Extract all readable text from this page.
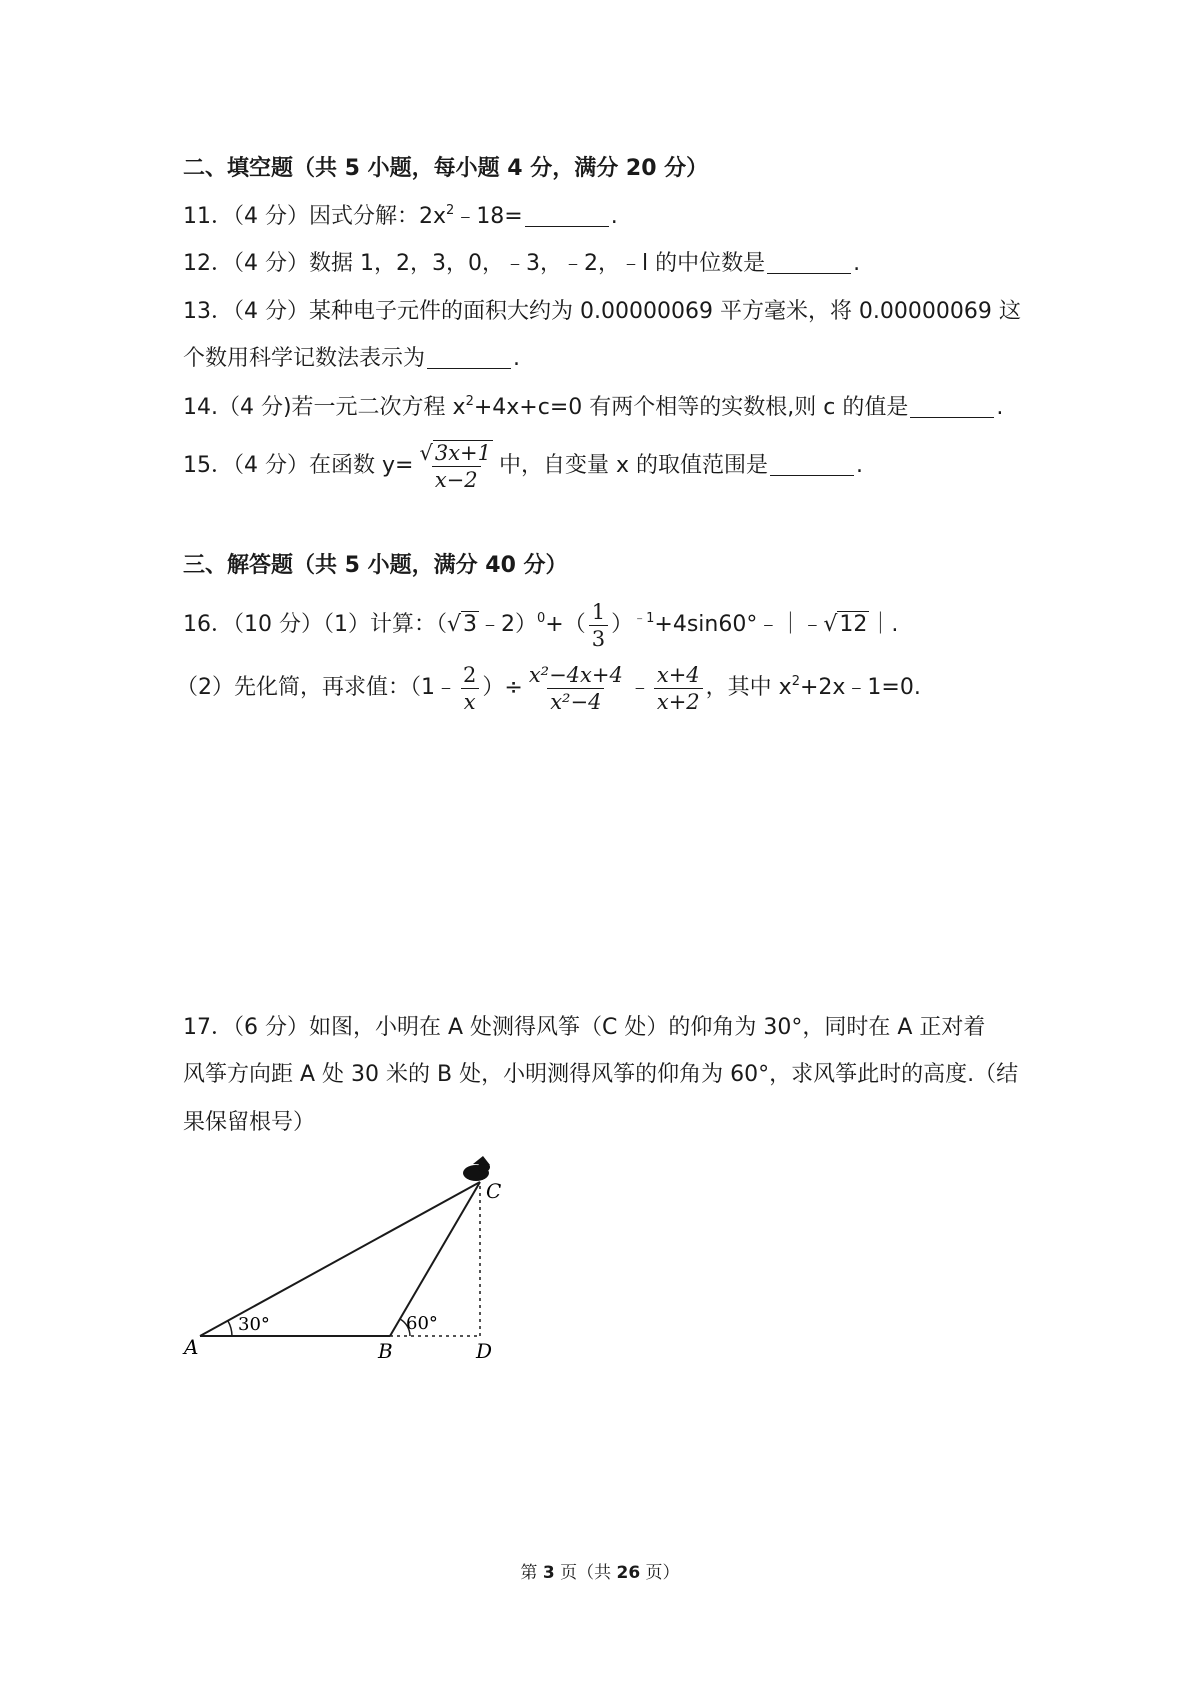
二、填空题（共 5 小题，每小题 4 分，满分 20 分）
11．（4 分）因式分解：$2x^2﹣18=$	.
12．（4 分）数据 1，2，3，0，﹣3，﹣2，﹣l 的中位数是	.
13．（4 分）某种电子元件的面积大约为 0.00000069 平方毫米，将 0.00000069 这
个数用科学记数法表示为	.
14.（4 分)若一元二次方程 $x^2+4x+c=0$ 有两个相等的实数根,则 c 的值是	.
15．（4 分）在函数 $y= \frac{√3x+1}{x-2}$ 中，自变量 x 的取值范围是	.
三、解答题（共 5 小题，满分 40 分）
16．（10 分）（1）计算：（√3﹣2）$^0$+（ $\frac{1}{3}$ ）$^{﹣1}$+4sin60°﹣｜﹣√12｜.
（2）先化简，再求值：（1﹣ $\frac{2}{x}$ ）÷ $\frac{\text{x²−4x+4}}{\text{x²−4}}$ ﹣ $\frac{x+4}{x+2}$ ，其中 $x^2+2x﹣1=0$.
17．（6 分）如图，小明在 A 处测得风筝（C 处）的仰角为 30°，同时在 A 正对着
风筝方向距 A 处 30 米的 B 处，小明测得风筝的仰角为 60°，求风筝此时的高度.（结
果保留根号）
A	B
C
D
30°	60°
第 3 页（共 26 页）
